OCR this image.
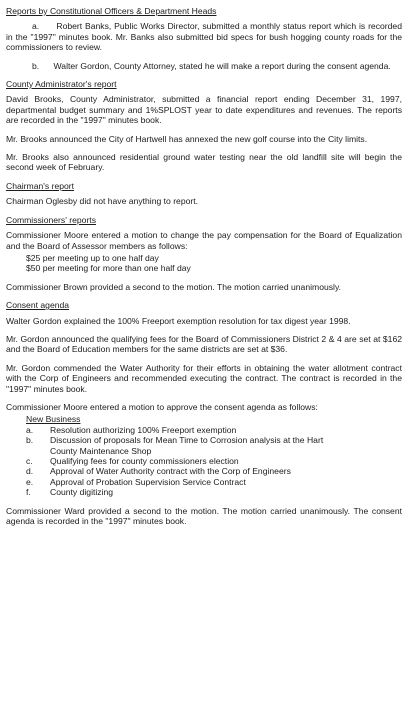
Reports by Constitutional Officers & Department Heads

a. Robert Banks, Public Works Director, submitted a monthly status report which is recorded in the "1997" minutes book. Mr. Banks also submitted bid specs for bush hogging county roads for the commissioners to review.

b. Walter Gordon, County Attorney, stated he will make a report during the consent agenda.

County Administrator's report

David Brooks, County Administrator, submitted a financial report ending December 31, 1997, departmental budget summary and 1%SPLOST year to date expenditures and revenues. The reports are recorded in the "1997" minutes book.

Mr. Brooks announced the City of Hartwell has annexed the new golf course into the City limits.

Mr. Brooks also announced residential ground water testing near the old landfill site will begin the second week of February.

Chairman's report

Chairman Oglesby did not have anything to report.

Commissioners' reports

Commissioner Moore entered a motion to change the pay compensation for the Board of Equalization and the Board of Assessor members as follows:

$25 per meeting up to one half day
$50 per meeting for more than one half day

Commissioner Brown provided a second to the motion. The motion carried unanimously.

Consent agenda

Walter Gordon explained the 100% Freeport exemption resolution for tax digest year 1998.

Mr. Gordon announced the qualifying fees for the Board of Commissioners District 2 & 4 are set at $162 and the Board of Education members for the same districts are set at $36.

Mr. Gordon commended the Water Authority for their efforts in obtaining the water allotment contract with the Corp of Engineers and recommended executing the contract. The contract is recorded in the "1997" minutes book.

Commissioner Moore entered a motion to approve the consent agenda as follows:

New Business
a.	Resolution authorizing 100% Freeport exemption
b.	Discussion of proposals for Mean Time to Corrosion analysis at the Hart
County Maintenance Shop
c.	Qualifying fees for county commissioners election
d.	Approval of Water Authority contract with the Corp of Engineers
e.	Approval of Probation Supervision Service Contract
f.	County digitizing

Commissioner Ward provided a second to the motion. The motion carried unanimously. The consent agenda is recorded in the "1997" minutes book.
